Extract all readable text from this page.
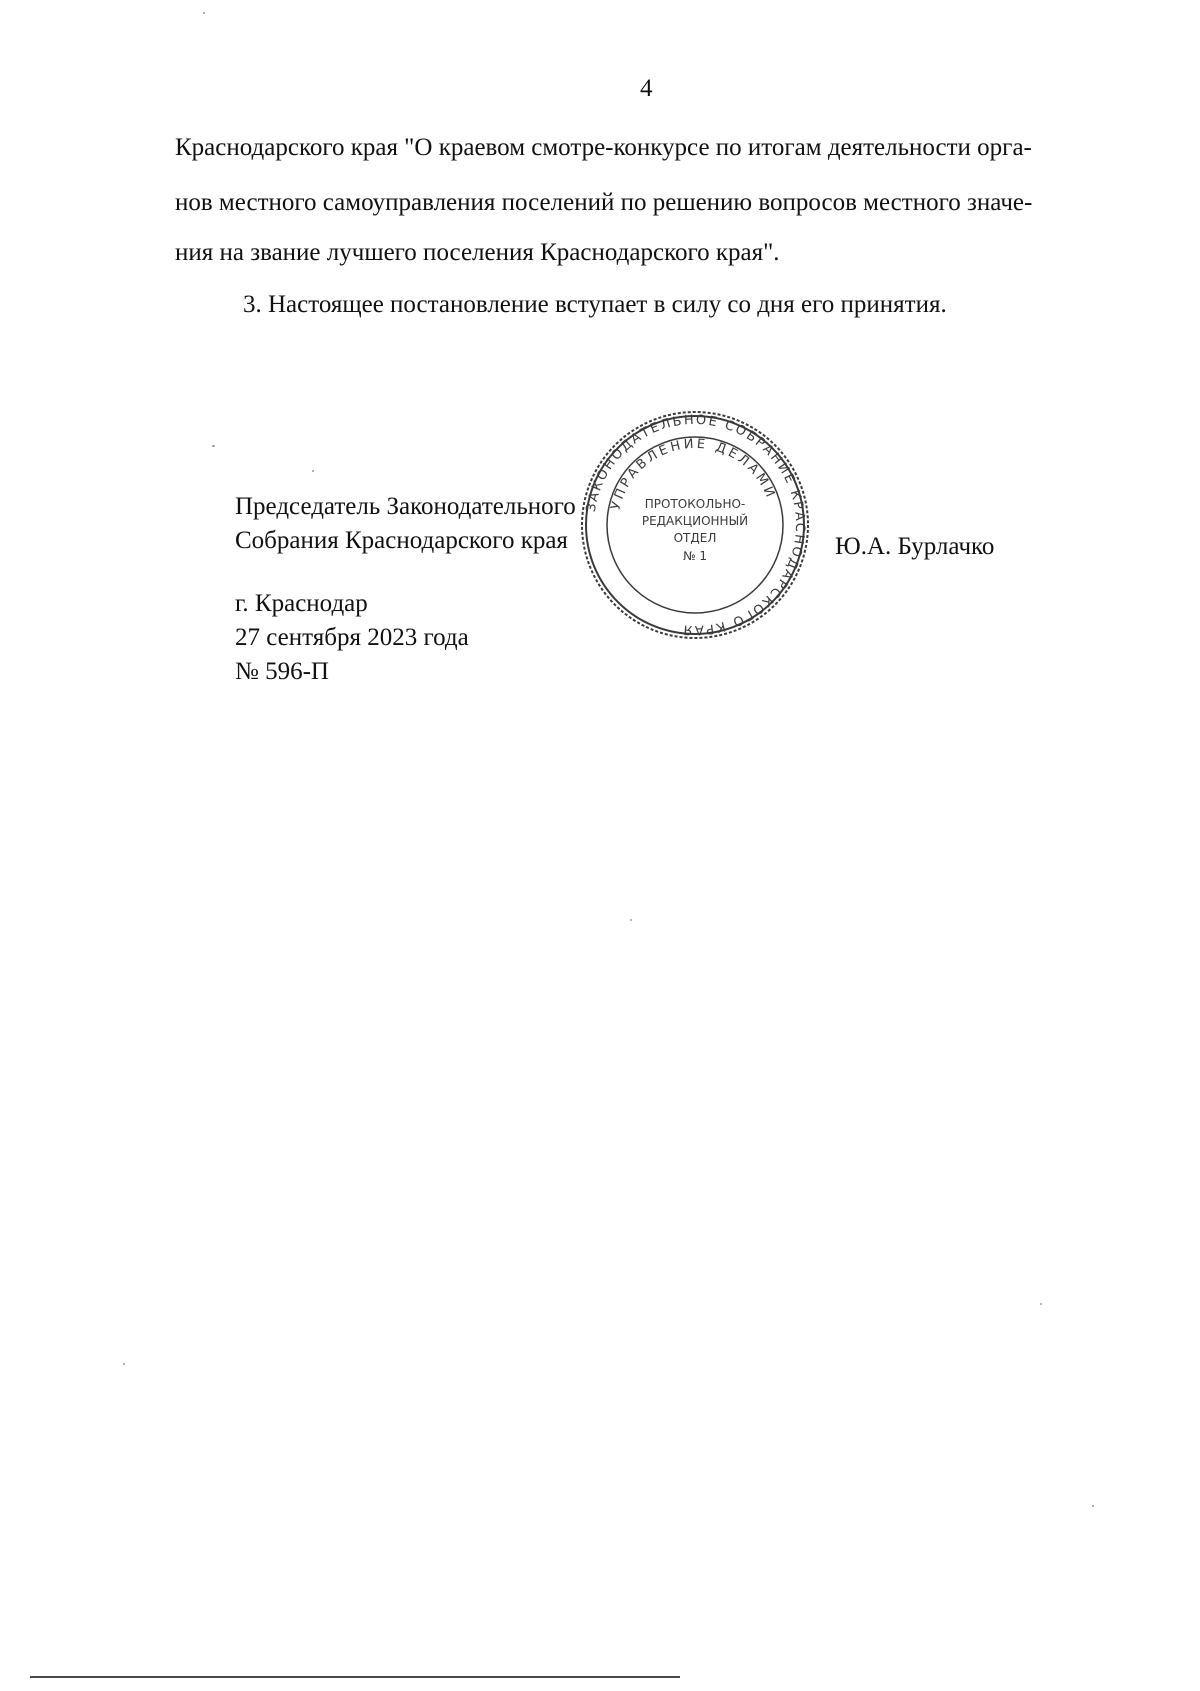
4
Краснодарского края "О краевом смотре-конкурсе по итогам деятельности орга-
нов местного самоуправления поселений по решению вопросов местного значе-
ния на звание лучшего поселения Краснодарского края".
3. Настоящее постановление вступает в силу со дня его принятия.
Председатель Законодательного
Собрания Краснодарского края	Ю.А. Бурлачко
г. Краснодар
27 сентября 2023 года
№ 596-П
ЗАКОНОДАТЕЛЬНОЕ СОБРАНИЕ КРАСНОДАРСКОГО КРАЯ
УПРАВЛЕНИЕ ДЕЛАМИ
ПРОТОКОЛЬНО-
РЕДАКЦИОННЫЙ
ОТДЕЛ
№ 1
